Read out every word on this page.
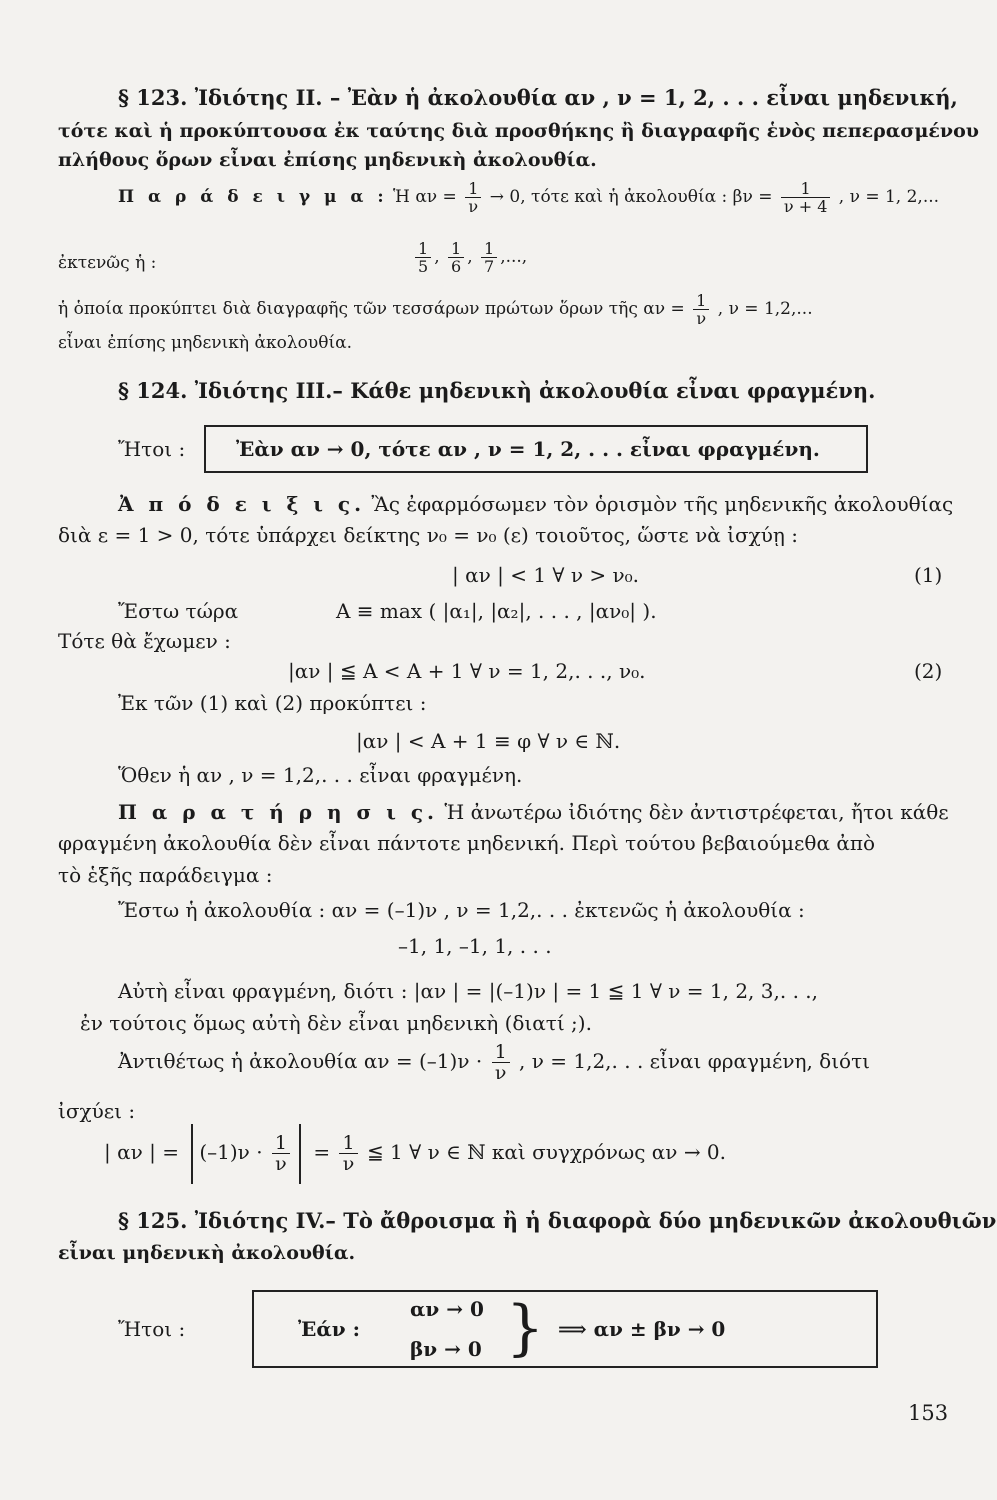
§ 123. Ἰδιότης ΙΙ. – Ἐὰν ἡ ἀκολουθία αν , ν = 1, 2, . . . εἶναι μηδενική,
τότε καὶ ἡ προκύπτουσα ἐκ ταύτης διὰ προσθήκης ἢ διαγραφῆς ἑνὸς πεπερασμένου
πλήθους ὅρων εἶναι ἐπίσης μηδενικὴ ἀκολουθία.
Π α ρ ά δ ε ι γ μ α : Ἡ $\alpha\nu = \frac{1}{\nu} \to 0$, τότε καὶ ἡ ἀκολουθία : $\beta\nu = \frac{1}{\nu + 4}$ , ν = 1, 2,...
ἐκτενῶς ἡ :	$\frac{1}{5}$ , $\frac{1}{6}$ , $\frac{1}{7}$ ,...,
ἡ ὁποία προκύπτει διὰ διαγραφῆς τῶν τεσσάρων πρώτων ὅρων τῆς $\alpha\nu = \frac{1}{\nu}$ , ν = 1,2,...
εἶναι ἐπίσης μηδενικὴ ἀκολουθία.
§ 124. Ἰδιότης ΙΙΙ.– Κάθε μηδενικὴ ἀκολουθία εἶναι φραγμένη.
Ἤτοι :	Ἐὰν αν → 0, τότε αν , ν = 1, 2, . . . εἶναι φραγμένη.
Ἀ π ό δ ε ι ξ ι ς. Ἂς ἐφαρμόσωμεν τὸν ὁρισμὸν τῆς μηδενικῆς ἀκολουθίας
διὰ ε = 1 > 0, τότε ὑπάρχει δείκτης ν₀ = ν₀ (ε) τοιοῦτος, ὥστε νὰ ἰσχύῃ :
| αν | < 1 ∀ ν > ν₀.	(1)
Ἔστω τώρα	Α ≡ max ( |α₁|, |α₂|, . . . , |αν₀| ).
Τότε θὰ ἔχωμεν :
|αν | ≦ Α < Α + 1 ∀ ν = 1, 2,. . ., ν₀.	(2)
Ἐκ τῶν (1) καὶ (2) προκύπτει :
|αν | < Α + 1 ≡ φ ∀ ν ∈ ℕ.
Ὅθεν ἡ αν , ν = 1,2,. . . εἶναι φραγμένη.
Π α ρ α τ ή ρ η σ ι ς. Ἡ ἀνωτέρω ἰδιότης δὲν ἀντιστρέφεται, ἤτοι κάθε
φραγμένη ἀκολουθία δὲν εἶναι πάντοτε μηδενική. Περὶ τούτου βεβαιούμεθα ἀπὸ
τὸ ἑξῆς παράδειγμα :
Ἔστω ἡ ἀκολουθία : αν = (–1)ν , ν = 1,2,. . . ἐκτενῶς ἡ ἀκολουθία :
–1, 1, –1, 1, . . .
Αὐτὴ εἶναι φραγμένη, διότι : |αν | = |(–1)ν | = 1 ≦ 1 ∀ ν = 1, 2, 3,. . .,
ἐν τούτοις ὅμως αὐτὴ δὲν εἶναι μηδενικὴ (διατί ;).
Ἀντιθέτως ἡ ἀκολουθία $\alpha\nu = (-1)\nu \cdot \frac{1}{\nu}$ , ν = 1,2,. . . εἶναι φραγμένη, διότι
ἰσχύει :
| αν | = $(-1)\nu \cdot \frac{1}{\nu} = \frac{1}{\nu}$ ≦ 1 ∀ ν ∈ ℕ καὶ συγχρόνως αν → 0.
§ 125. Ἰδιότης ΙV.– Τὸ ἄθροισμα ἢ ἡ διαφορὰ δύο μηδενικῶν ἀκολουθιῶν
εἶναι μηδενικὴ ἀκολουθία.
Ἤτοι :	Ἐάν :
αν → 0
βν → 0 } ⟹ αν ± βν → 0
153
